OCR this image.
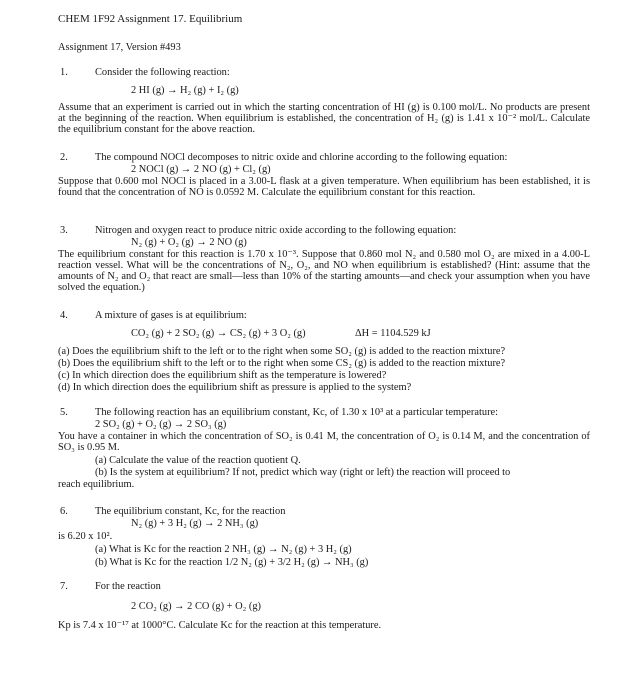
CHEM 1F92 Assignment 17. Equilibrium
Assignment 17, Version #493
1.	Consider the following reaction:
2 HI (g) → H₂ (g) + I₂ (g)
Assume that an experiment is carried out in which the starting concentration of HI (g) is 0.100 mol/L. No products are present at the beginning of the reaction. When equilibrium is established, the concentration of H₂ (g) is 1.41 x 10⁻² mol/L. Calculate the equilibrium constant for the above reaction.
2.	The compound NOCl decomposes to nitric oxide and chlorine according to the following equation:
2 NOCl (g) → 2 NO (g) + Cl₂ (g)
Suppose that 0.600 mol NOCl is placed in a 3.00-L flask at a given temperature. When equilibrium has been established, it is found that the concentration of NO is 0.0592 M. Calculate the equilibrium constant for this reaction.
3.	Nitrogen and oxygen react to produce nitric oxide according to the following equation:
N₂ (g) + O₂ (g) → 2 NO (g)
The equilibrium constant for this reaction is 1.70 x 10⁻³. Suppose that 0.860 mol N₂ and 0.580 mol O₂ are mixed in a 4.00-L reaction vessel. What will be the concentrations of N₂, O₂, and NO when equilibrium is established? (Hint: assume that the amounts of N₂ and O₂ that react are small—less than 10% of the starting amounts—and check your assumption when you have solved the equation.)
4.	A mixture of gases is at equilibrium:
CO₂ (g) + 2 SO₂ (g) → CS₂ (g) + 3 O₂ (g)	ΔH = 1104.529 kJ
(a) Does the equilibrium shift to the left or to the right when some SO₂ (g) is added to the reaction mixture?
(b) Does the equilibrium shift to the left or to the right when some CS₂ (g) is added to the reaction mixture?
(c) In which direction does the equilibrium shift as the temperature is lowered?
(d) In which direction does the equilibrium shift as pressure is applied to the system?
5.	The following reaction has an equilibrium constant, Kc, of 1.30 x 10³ at a particular temperature:
2 SO₂ (g) + O₂ (g) → 2 SO₃ (g)
You have a container in which the concentration of SO₂ is 0.41 M, the concentration of O₂ is 0.14 M, and the concentration of SO₃ is 0.95 M.
(a) Calculate the value of the reaction quotient Q.
(b) Is the system at equilibrium? If not, predict which way (right or left) the reaction will proceed to
reach equilibrium.
6.	The equilibrium constant, Kc, for the reaction
N₂ (g) + 3 H₂ (g) → 2 NH₃ (g)
is 6.20 x 10².
(a) What is Kc for the reaction 2 NH₃ (g) → N₂ (g) + 3 H₂ (g)
(b) What is Kc for the reaction 1/2 N₂ (g) + 3/2 H₂ (g) → NH₃ (g)
7.	For the reaction
2 CO₂ (g) → 2 CO (g) + O₂ (g)
Kp is 7.4 x 10⁻¹⁷ at 1000°C. Calculate Kc for the reaction at this temperature.
